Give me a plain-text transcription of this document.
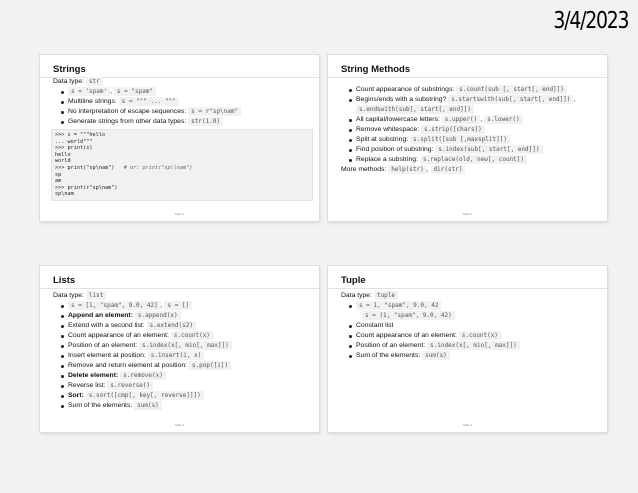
3/4/2023
Strings
Data type: str
s = 'spam' , s = "spam"
Multiline strings: s = """ ... """
No interpretation of escape sequences: s = r"sp\nam"
Generate strings from other data types: str(1.0)
>>> s = """hello
... world"""
>>> print(s)
hello
world
>>> print("sp\nam") # or: print("sp\\nam")
sp
am
>>> print(r"sp\nam")
sp\nam
Slide 1
String Methods
Count appearance of substrings: s.count(sub [, start[, end]])
Begins/ends with a substring? s.startswith(sub[, start[, end]]) , s.endswith(sub[, start[, end]])
All capital/lowercase letters: s.upper() , s.lower()
Remove whitespace: s.strip([chars])
Split at substring: s.split([sub [,maxsplit]])
Find position of substring: s.index(sub[, start[, end]])
Replace a substring: s.replace(old, new[, count])
More methods: help(str) , dir(str)
Slide 2
Lists
Data type: list
s = [1, "spam", 9.0, 42] , s = []
Append an element: s.append(x)
Extend with a second list: s.extend(s2)
Count appearance of an element: s.count(x)
Position of an element: s.index(x[, min[, max]])
Insert element at position: s.insert(i, x)
Remove and return element at position: s.pop([i])
Delete element: s.remove(x)
Reverse list: s.reverse()
Sort: s.sort([cmp[, key[, reverse]]])
Sum of the elements: sum(s)
Slide 3
Tuple
Data type: tuple
s = 1, "spam", 9.0, 42
s = (1, "spam", 9.0, 42)
Constant list
Count appearance of an element: s.count(x)
Position of an element: s.index(x[, min[, max]])
Sum of the elements: sum(s)
Slide 4
